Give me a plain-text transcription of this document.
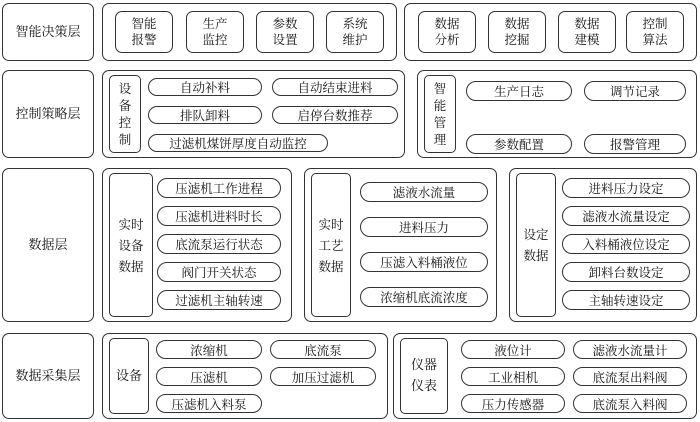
智能决策层
控制策略层
数据层
数据采集层
智能
报警
生产
监控
参数
设置
系统
维护
数据
分析
数据
挖掘
数据
建模
控制
算法
设
备
控
制
自动补料	自动结束进料
排队卸料	启停台数推荐
过滤机煤饼厚度自动监控
智
能
管
理
生产日志	调节记录
参数配置	报警管理
实时
设备
数据
压滤机工作进程
压滤机进料时长
底流泵运行状态
阀门开关状态
过滤机主轴转速
实时
工艺
数据
滤液水流量
进料压力
压滤入料桶液位
浓缩机底流浓度
设定
数据
进料压力设定
滤液水流量设定
入料桶液位设定
卸料台数设定
主轴转速设定
设备
浓缩机	底流泵
压滤机	加压过滤机
压滤机入料泵
仪器
仪表
液位计	滤液水流量计
工业相机	底流泵出料阀
压力传感器	底流泵入料阀
